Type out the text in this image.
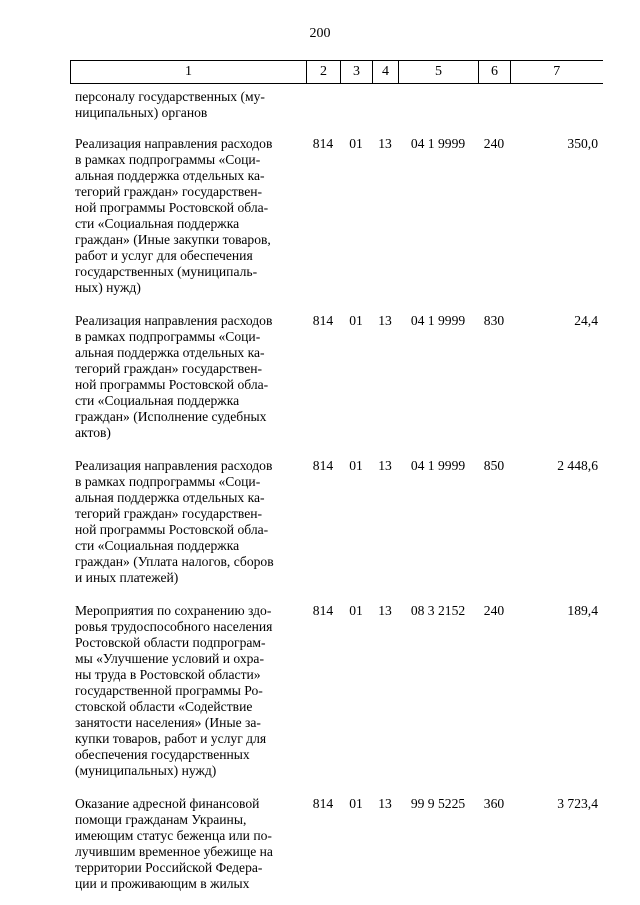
200
1	2	3	4	5	6	7
персоналу государственных (му-
ниципальных) органов
Реализация направления расходов
в рамках подпрограммы «Соци-
альная поддержка отдельных ка-
тегорий граждан» государствен-
ной программы Ростовской обла-
сти «Социальная поддержка
граждан» (Иные закупки товаров,
работ и услуг для обеспечения
государственных (муниципаль-
ных) нужд)
814	01	13	04 1 9999	240	350,0
Реализация направления расходов
в рамках подпрограммы «Соци-
альная поддержка отдельных ка-
тегорий граждан» государствен-
ной программы Ростовской обла-
сти «Социальная поддержка
граждан» (Исполнение судебных
актов)
814	01	13	04 1 9999	830	24,4
Реализация направления расходов
в рамках подпрограммы «Соци-
альная поддержка отдельных ка-
тегорий граждан» государствен-
ной программы Ростовской обла-
сти «Социальная поддержка
граждан» (Уплата налогов, сборов
и иных платежей)
814	01	13	04 1 9999	850	2 448,6
Мероприятия по сохранению здо-
ровья трудоспособного населения
Ростовской области подпрограм-
мы «Улучшение условий и охра-
ны труда в Ростовской области»
государственной программы Ро-
стовской области «Содействие
занятости населения» (Иные за-
купки товаров, работ и услуг для
обеспечения государственных
(муниципальных) нужд)
814	01	13	08 3 2152	240	189,4
Оказание адресной финансовой
помощи гражданам Украины,
имеющим статус беженца или по-
лучившим временное убежище на
территории Российской Федера-
ции и проживающим в жилых
814	01	13	99 9 5225	360	3 723,4
